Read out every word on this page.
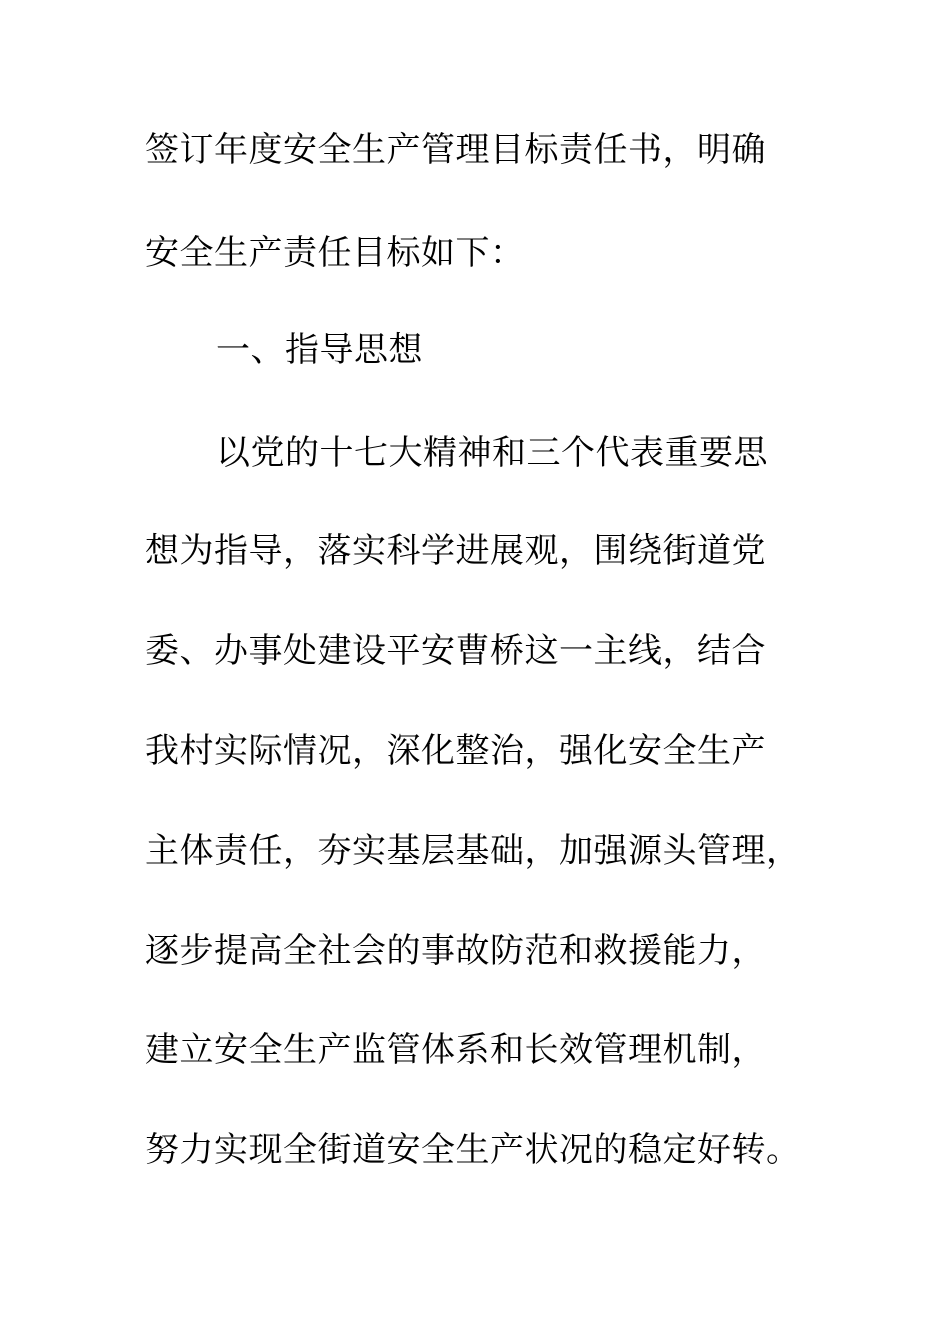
签订年度安全生产管理目标责任书，明确
安全生产责任目标如下：
一、指导思想
以党的十七大精神和三个代表重要思
想为指导，落实科学进展观，围绕街道党
委、办事处建设平安曹桥这一主线，结合
我村实际情况，深化整治，强化安全生产
主体责任，夯实基层基础，加强源头管理，
逐步提高全社会的事故防范和救援能力，
建立安全生产监管体系和长效管理机制，
努力实现全街道安全生产状况的稳定好转。
